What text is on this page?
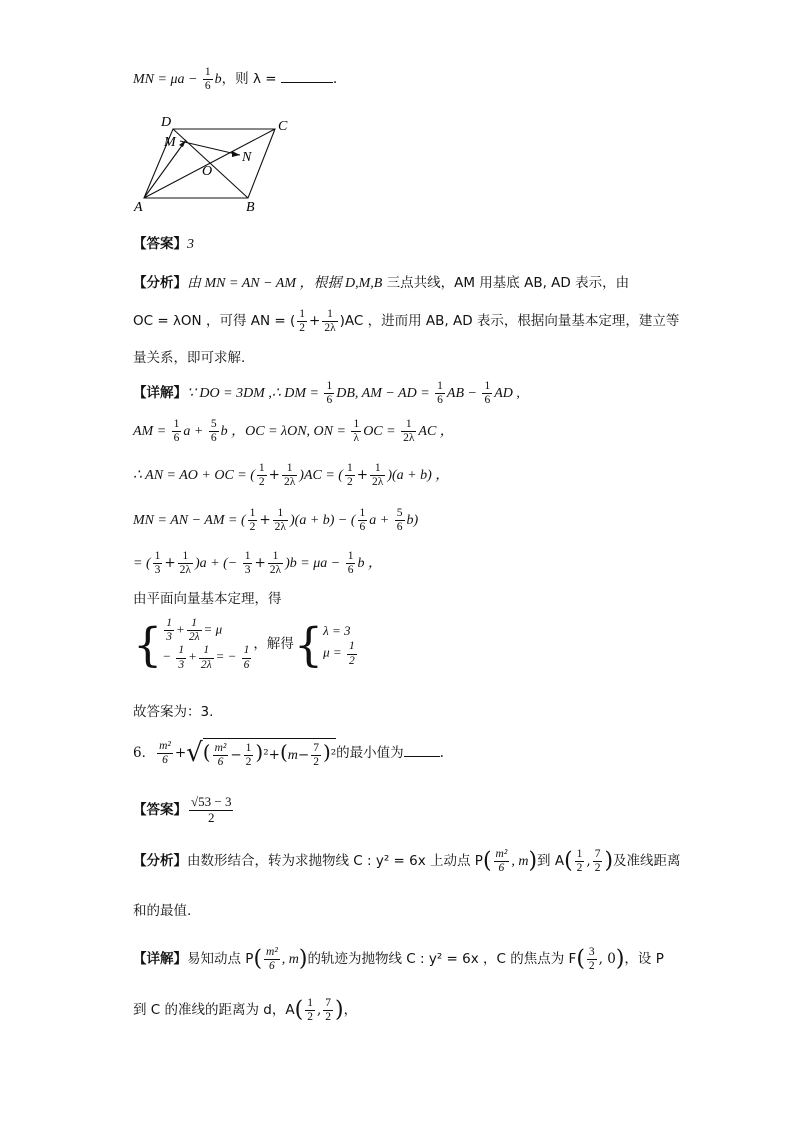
MN = $\mu a - \frac{1}{6}$ b，则 λ =	.
D	C
M
N
O
A	B
【答案】3
【分析】由 MN = AN − AM ，根据 D,M,B 三点共线，AM 用基底 AB, AD 表示，由
OC = λON ，可得 AN = ( $\frac{1}{2} + \frac{1}{2\lambda} )AC$ ，进而用 AB, AD 表示，根据向量基本定理，建立等
量关系，即可求解.
【详解】∵ DO = 3DM ,∴ DM = $\frac{1}{6}$ DB, AM − AD = $\frac{1}{6}$ AB − $\frac{1}{6}$ AD ,
AM = $\frac{1}{6}$ $a + \frac{5}{6}$ b ，OC = λON, ON = $\frac{1}{\lambda}$ OC = $\frac{1}{2\lambda}$ AC ，
∴ AN = AO + OC = ( $\frac{1}{2} + \frac{1}{2\lambda} )AC$ = ( $\frac{1}{2} + \frac{1}{2\lambda} )(a + b)$ ，
MN = AN − AM = ( $\frac{1}{2} + \frac{1}{2\lambda} )(a + b)$ − ( $\frac{1}{6}$ $a + \frac{5}{6} b$)
= ( $\frac{1}{3} + \frac{1}{2\lambda} )a$ + (− $\frac{1}{3} + \frac{1}{2\lambda} )b = \mu a - \frac{1}{6}$ b ，
由平面向量基本定理，得
{ $\frac{1}{3} + \frac{1}{2\lambda} = \mu$
− $\frac{1}{3} + \frac{1}{2\lambda}$ = − $\frac{1}{6}$
，解得{ λ = 3
$\mu = \frac{1}{2}$
故答案为：3.
6． $\frac{\text{m²}}{6}$ +√( $\frac{\text{m²}}{6} - \frac{1}{2} )^2+(m- \frac{7}{2} )^2$的最小值为	.
【答案】 $\frac{√53 - 3}{2}$
【分析】由数形结合，转为求抛物线 C : y² = 6x 上动点 $P( \frac{\text{m²}}{6}$ , m)到 $A( \frac{1}{2}$ , $\frac{7}{2}$ )及准线距离
和的最值.
【详解】易知动点 $P( \frac{\text{m²}}{6}$ , m)的轨迹为抛物线 C : y² = 6x ，C 的焦点为 $F( \frac{3}{2}$ , 0)，设 P
到 C 的准线的距离为 d，$A( \frac{1}{2}$ , $\frac{7}{2}$ )，
